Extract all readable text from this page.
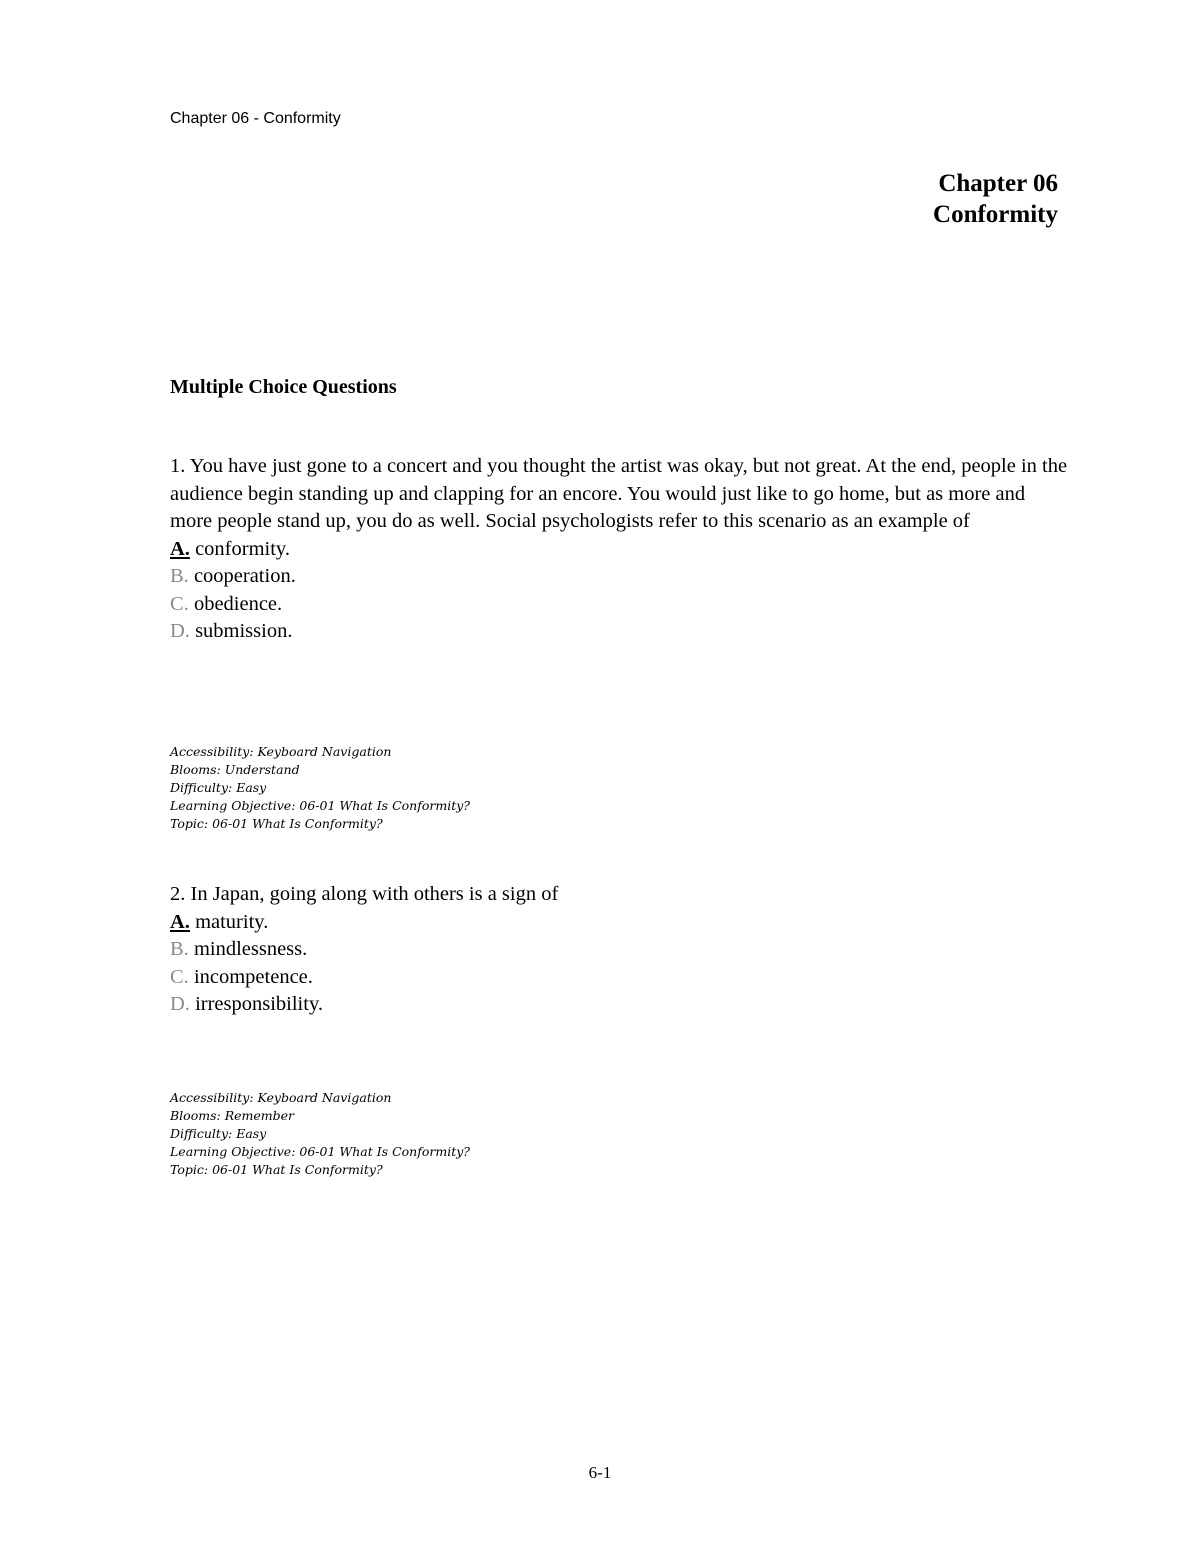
Chapter 06 - Conformity
Chapter 06
Conformity
Multiple Choice Questions

1. You have just gone to a concert and you thought the artist was okay, but not great. At the end, people in the audience begin standing up and clapping for an encore. You would just like to go home, but as more and more people stand up, you do as well. Social psychologists refer to this scenario as an example of

A. conformity.

B. cooperation.

C. obedience.

D. submission.

Accessibility: Keyboard Navigation
Blooms: Understand
Difficulty: Easy
Learning Objective: 06-01 What Is Conformity?
Topic: 06-01 What Is Conformity?

2. In Japan, going along with others is a sign of

A. maturity.

B. mindlessness.

C. incompetence.

D. irresponsibility.

Accessibility: Keyboard Navigation
Blooms: Remember
Difficulty: Easy
Learning Objective: 06-01 What Is Conformity?
Topic: 06-01 What Is Conformity?
6-1
